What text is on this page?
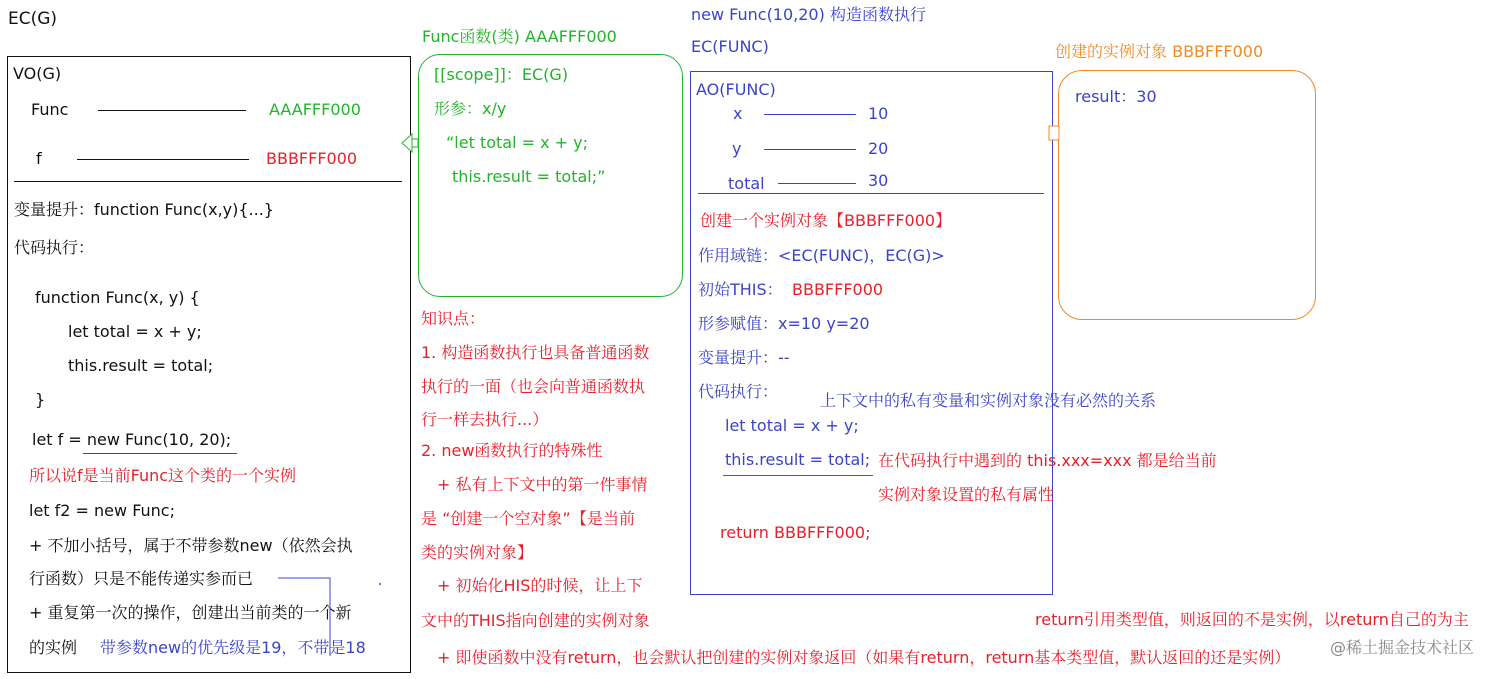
EC(G)
VO(G)
Func	AAAFFF000
f	BBBFFF000
变量提升：function Func(x,y){...}
代码执行：
function Func(x, y) {
let total = x + y;
this.result = total;
}
let f = new Func(10, 20);
所以说f是当前Func这个类的一个实例
let f2 = new Func;
+ 不加小括号，属于不带参数new（依然会执
行函数）只是不能传递实参而已
+ 重复第一次的操作，创建出当前类的一个新
的实例 带参数new的优先级是19，不带是18
Func函数(类) AAAFFF000
[[scope]]：EC(G)
形参：x/y
“let total = x + y;
this.result = total;”
知识点：
1. 构造函数执行也具备普通函数
执行的一面（也会向普通函数执
行一样去执行...）
2. new函数执行的特殊性
+ 私有上下文中的第一件事情
是 “创建一个空对象” 【是当前
类的实例对象】
+ 初始化HIS的时候，让上下
文中的THIS指向创建的实例对象
+ 即使函数中没有return，也会默认把创建的实例对象返回（如果有return，return基本类型值，默认返回的还是实例）
new Func(10,20) 构造函数执行
EC(FUNC)
AO(FUNC)
x	10
y	20
total	30
创建一个实例对象【BBBFFF000】
作用域链：<EC(FUNC)，EC(G)>
初始THIS： BBBFFF000
形参赋值：x=10 y=20
变量提升：--
代码执行：	上下文中的私有变量和实例对象没有必然的关系
let total = x + y;
this.result = total; 在代码执行中遇到的 this.xxx=xxx 都是给当前
实例对象设置的私有属性
return BBBFFF000;
return引用类型值，则返回的不是实例，以return自己的为主
创建的实例对象 BBBFFF000
result：30
@稀土掘金技术社区
